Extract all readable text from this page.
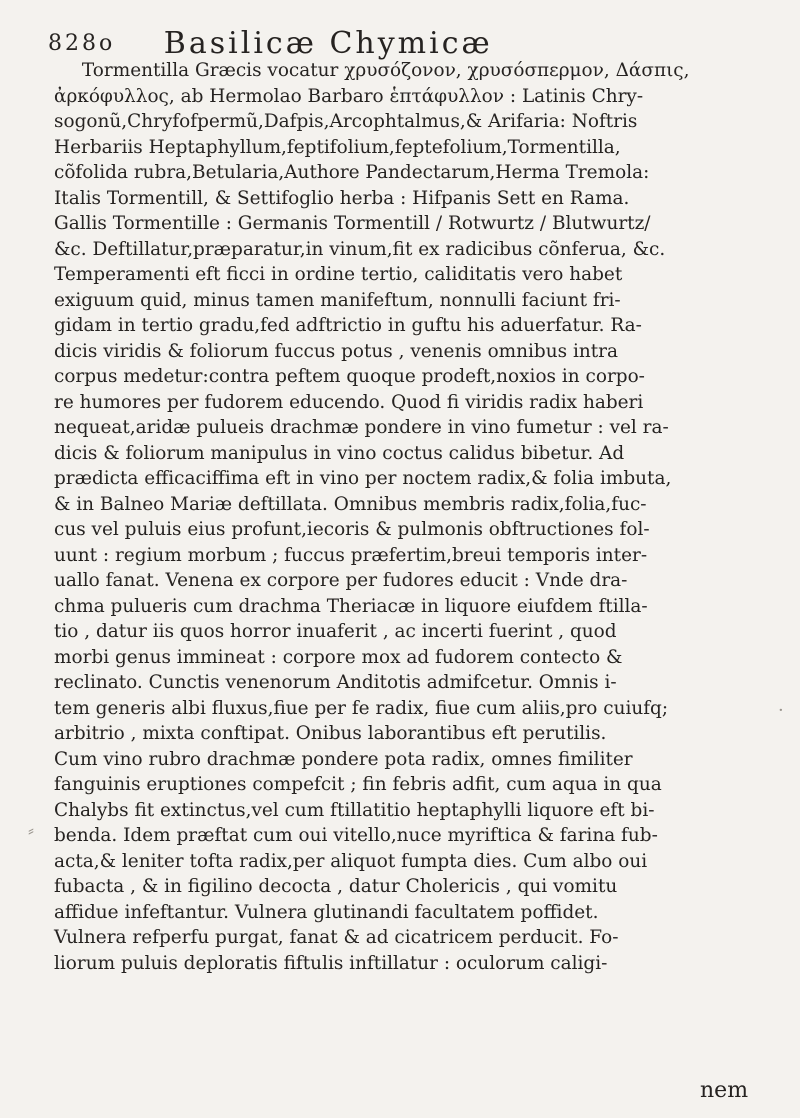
828o Basilicæ Chymicæ
Tormentilla Græcis vocatur χρυσόζονον, χρυσόσπερμον, Δάσπις,
ἀρκόφυλλος, ab Hermolao Barbaro ἑπτάφυλλον : Latinis Chry-
sogonũ,Chryfofpermũ,Dafpis,Arcophtalmus,& Arifaria: Noftris
Herbariis Heptaphyllum,feptifolium,feptefolium,Tormentilla,
cõfolida rubra,Betularia,Authore Pandectarum,Herma Tremola:
Italis Tormentill, & Settifoglio herba : Hifpanis Sett en Rama.
Gallis Tormentille : Germanis Tormentill / Rotwurtz / Blutwurtz/
&c. Deftillatur,præparatur,in vinum,fit ex radicibus cõnferua, &c.
Temperamenti eft ficci in ordine tertio, caliditatis vero habet
exiguum quid, minus tamen manifeftum, nonnulli faciunt fri-
gidam in tertio gradu,fed adftrictio in guftu his aduerfatur. Ra-
dicis viridis & foliorum fuccus potus , venenis omnibus intra
corpus medetur:contra peftem quoque prodeft,noxios in corpo-
re humores per fudorem educendo. Quod fi viridis radix haberi
nequeat,aridæ pulueis drachmæ pondere in vino fumetur : vel ra-
dicis & foliorum manipulus in vino coctus calidus bibetur. Ad
prædicta efficaciffima eft in vino per noctem radix,& folia imbuta,
& in Balneo Mariæ deftillata. Omnibus membris radix,folia,fuc-
cus vel puluis eius profunt,iecoris & pulmonis obftructiones fol-
uunt : regium morbum ; fuccus præfertim,breui temporis inter-
uallo fanat. Venena ex corpore per fudores educit : Vnde dra-
chma pulueris cum drachma Theriacæ in liquore eiufdem ftilla-
tio , datur iis quos horror inuaferit , ac incerti fuerint , quod
morbi genus immineat : corpore mox ad fudorem contecto &
reclinato. Cunctis venenorum Anditotis admifcetur. Omnis i-
tem generis albi fluxus,fiue per fe radix, fiue cum aliis,pro cuiufq;
arbitrio , mixta conftipat. Onibus laborantibus eft perutilis.
Cum vino rubro drachmæ pondere pota radix, omnes fimiliter
fanguinis eruptiones compefcit ; fin febris adfit, cum aqua in qua
Chalybs fit extinctus,vel cum ftillatitio heptaphylli liquore eft bi-
benda. Idem præftat cum oui vitello,nuce myriftica & farina fub-
acta,& leniter tofta radix,per aliquot fumpta dies. Cum albo oui
fubacta , & in figilino decocta , datur Cholericis , qui vomitu
affidue infeftantur. Vulnera glutinandi facultatem poffidet.
Vulnera refperfu purgat, fanat & ad cicatricem perducit. Fo-
liorum puluis deploratis fiftulis inftillatur : oculorum caligi-
nem
⸗
·
